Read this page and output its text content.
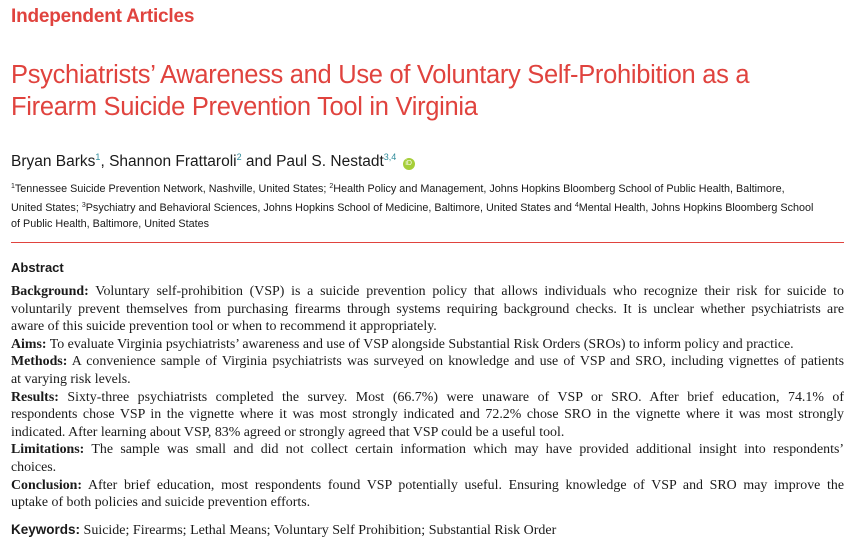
Independent Articles
Psychiatrists’ Awareness and Use of Voluntary Self-Prohibition as a
Firearm Suicide Prevention Tool in Virginia
Bryan Barks$^1$, Shannon Frattaroli$^2$ and Paul S. Nestadt$^{3,4}$ iD
$^1$Tennessee Suicide Prevention Network, Nashville, United States; $^2$Health Policy and Management, Johns Hopkins Bloomberg School of Public Health, Baltimore,
United States; $^3$Psychiatry and Behavioral Sciences, Johns Hopkins School of Medicine, Baltimore, United States and $^4$Mental Health, Johns Hopkins Bloomberg School
of Public Health, Baltimore, United States
Abstract

Background: Voluntary self-prohibition (VSP) is a suicide prevention policy that allows individuals who recognize their risk for suicide to
voluntarily prevent themselves from purchasing firearms through systems requiring background checks. It is unclear whether psychiatrists are
aware of this suicide prevention tool or when to recommend it appropriately.

Aims: To evaluate Virginia psychiatrists’ awareness and use of VSP alongside Substantial Risk Orders (SROs) to inform policy and practice.

Methods: A convenience sample of Virginia psychiatrists was surveyed on knowledge and use of VSP and SRO, including vignettes of patients
at varying risk levels.

Results: Sixty-three psychiatrists completed the survey. Most (66.7%) were unaware of VSP or SRO. After brief education, 74.1% of
respondents chose VSP in the vignette where it was most strongly indicated and 72.2% chose SRO in the vignette where it was most strongly
indicated. After learning about VSP, 83% agreed or strongly agreed that VSP could be a useful tool.

Limitations: The sample was small and did not collect certain information which may have provided additional insight into respondents’
choices.

Conclusion: After brief education, most respondents found VSP potentially useful. Ensuring knowledge of VSP and SRO may improve the
uptake of both policies and suicide prevention efforts.

Keywords: Suicide; Firearms; Lethal Means; Voluntary Self Prohibition; Substantial Risk Order
